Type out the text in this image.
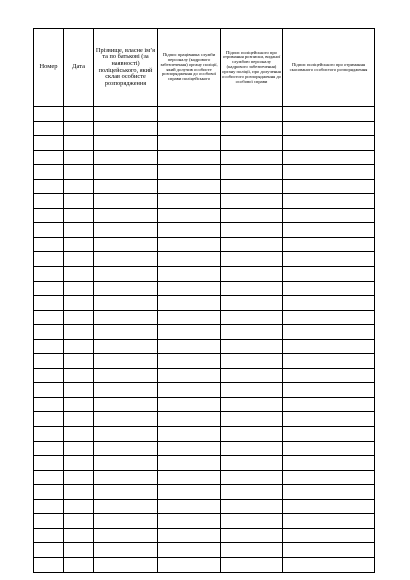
Номер	Дата	Прізвище, власне ім’я та по батькові (за наявності) поліцейського, який склав особисте розпорядження	Підпис працівника служби персоналу (кадрового забезпечення) органу поліції, який долучив особисте розпорядження до особової справи поліцейського	Підпис поліцейського про отримання розписки, виданої службою персоналу (кадрового забезпечення) органу поліції, про долучення особистого розпорядження до особової справи	Підпис поліцейського про отримання скасованого особистого розпорядження
